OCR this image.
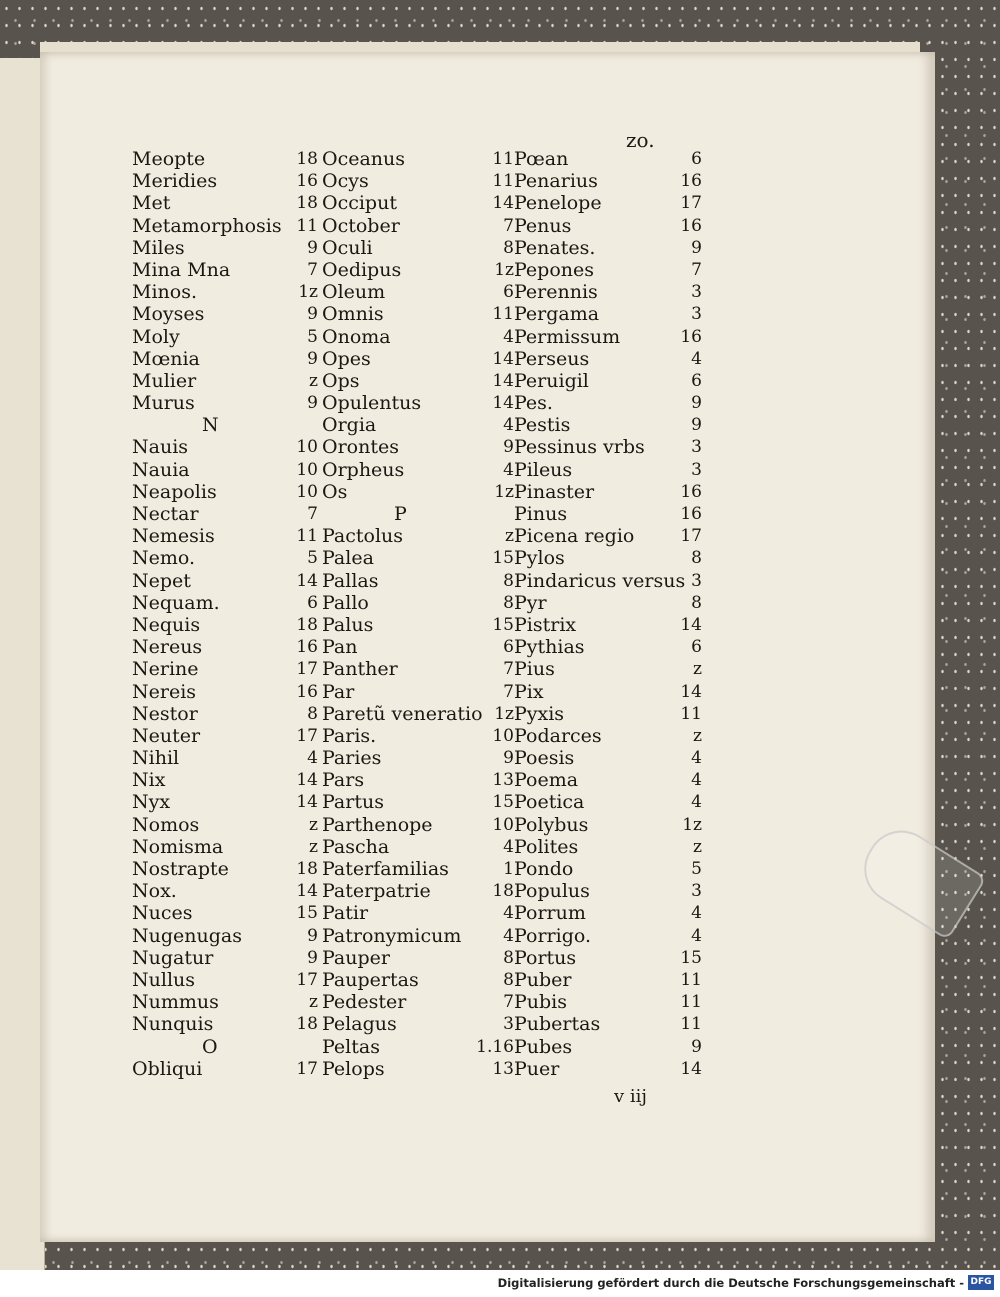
zo.
Meopte	18
Meridies	16
Met	18
Metamorphosis 11
Miles	9
Mina Mna	7
Minos.	1z
Moyses	9
Moly	5
Mœnia	9
Mulier	z
Murus	9
N
Nauis	10
Nauia	10
Neapolis	10
Nectar	7
Nemesis	11
Nemo.	5
Nepet	14
Nequam.	6
Nequis	18
Nereus	16
Nerine	17
Nereis	16
Nestor	8
Neuter	17
Nihil	4
Nix	14
Nyx	14
Nomos	z
Nomisma	z
Nostrapte	18
Nox.	14
Nuces	15
Nugenugas	9
Nugatur	9
Nullus	17
Nummus	z
Nunquis	18
O
Obliqui	17
Oceanus	11
Ocys	11
Occiput	14
October	7
Oculi	8
Oedipus	1z
Oleum	6
Omnis	11
Onoma	4
Opes	14
Ops	14
Opulentus	14
Orgia	4
Orontes	9
Orpheus	4
Os	1z
P
Pactolus	z
Palea	15
Pallas	8
Pallo	8
Palus	15
Pan	6
Panther	7
Par	7
Paretũ veneratio 1z
Paris.	10
Paries	9
Pars	13
Partus	15
Parthenope	10
Pascha	4
Paterfamilias	1
Paterpatrie	18
Patir	4
Patronymicum 4
Pauper	8
Paupertas	8
Pedester	7
Pelagus	3
Peltas	1.16
Pelops	13
Pœan	6
Penarius	16
Penelope	17
Penus	16
Penates.	9
Pepones	7
Perennis	3
Pergama	3
Permissum	16
Perseus	4
Peruigil	6
Pes.	9
Pestis	9
Pessinus vrbs	3
Pileus	3
Pinaster	16
Pinus	16
Picena regio	17
Pylos	8
Pindaricus versus 3
Pyr	8
Pistrix	14
Pythias	6
Pius	z
Pix	14
Pyxis	11
Podarces	z
Poesis	4
Poema	4
Poetica	4
Polybus	1z
Polites	z
Pondo	5
Populus	3
Porrum	4
Porrigo.	4
Portus	15
Puber	11
Pubis	11
Pubertas	11
Pubes	9
Puer	14
v iij
Digitalisierung gefördert durch die Deutsche Forschungsgemeinschaft - DFG
